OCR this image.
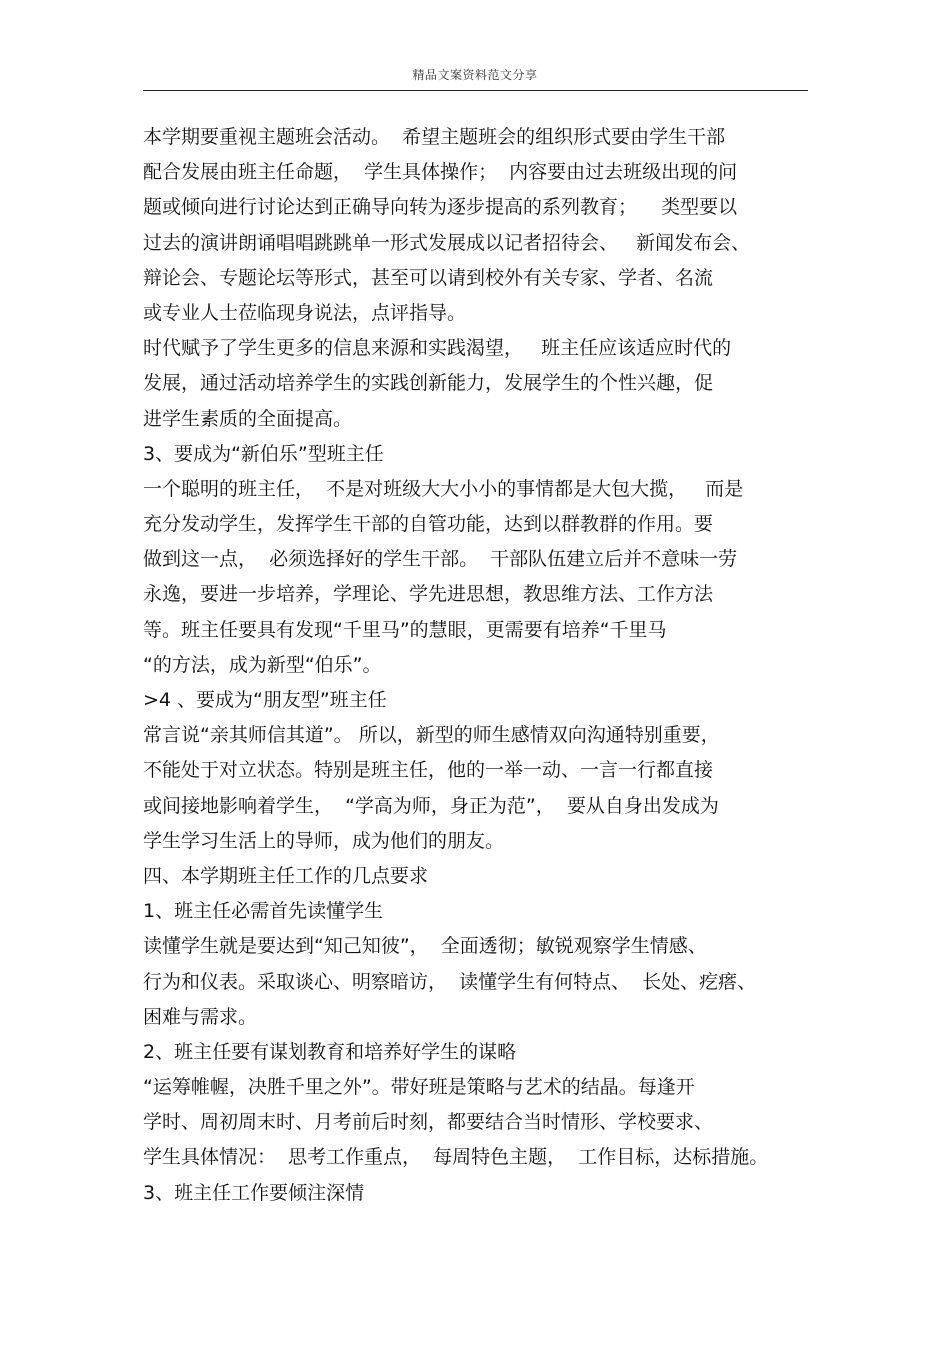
精品文案资料范文分享
本学期要重视主题班会活动。  希望主题班会的组织形式要由学生干部
配合发展由班主任命题，  学生具体操作；  内容要由过去班级出现的问
题或倾向进行讨论达到正确导向转为逐步提高的系列教育；    类型要以
过去的演讲朗诵唱唱跳跳单一形式发展成以记者招待会、   新闻发布会、
辩论会、专题论坛等形式，甚至可以请到校外有关专家、学者、名流
或专业人士莅临现身说法，点评指导。
时代赋予了学生更多的信息来源和实践渴望，   班主任应该适应时代的
发展，通过活动培养学生的实践创新能力，发展学生的个性兴趣，促
进学生素质的全面提高。
3、要成为“新伯乐”型班主任
一个聪明的班主任，  不是对班级大大小小的事情都是大包大揽，   而是
充分发动学生，发挥学生干部的自管功能，达到以群教群的作用。要
做到这一点，  必须选择好的学生干部。  干部队伍建立后并不意味一劳
永逸，要进一步培养，学理论、学先进思想，教思维方法、工作方法
等。班主任要具有发现“千里马”的慧眼，更需要有培养“千里马
“的方法，成为新型“伯乐”。
>4 、要成为“朋友型”班主任
常言说“亲其师信其道”。 所以，新型的师生感情双向沟通特别重要，
不能处于对立状态。特别是班主任，他的一举一动、一言一行都直接
或间接地影响着学生，  “学高为师，身正为范”，  要从自身出发成为
学生学习生活上的导师，成为他们的朋友。
四、本学期班主任工作的几点要求
1、班主任必需首先读懂学生
读懂学生就是要达到“知己知彼”，  全面透彻；敏锐观察学生情感、
行为和仪表。采取谈心、明察暗访，  读懂学生有何特点、  长处、疙瘩、
困难与需求。
2、班主任要有谋划教育和培养好学生的谋略
“运筹帷幄，决胜千里之外”。带好班是策略与艺术的结晶。每逢开
学时、周初周末时、月考前后时刻，都要结合当时情形、学校要求、
学生具体情况：  思考工作重点，  每周特色主题，  工作目标，达标措施。
3、班主任工作要倾注深情
